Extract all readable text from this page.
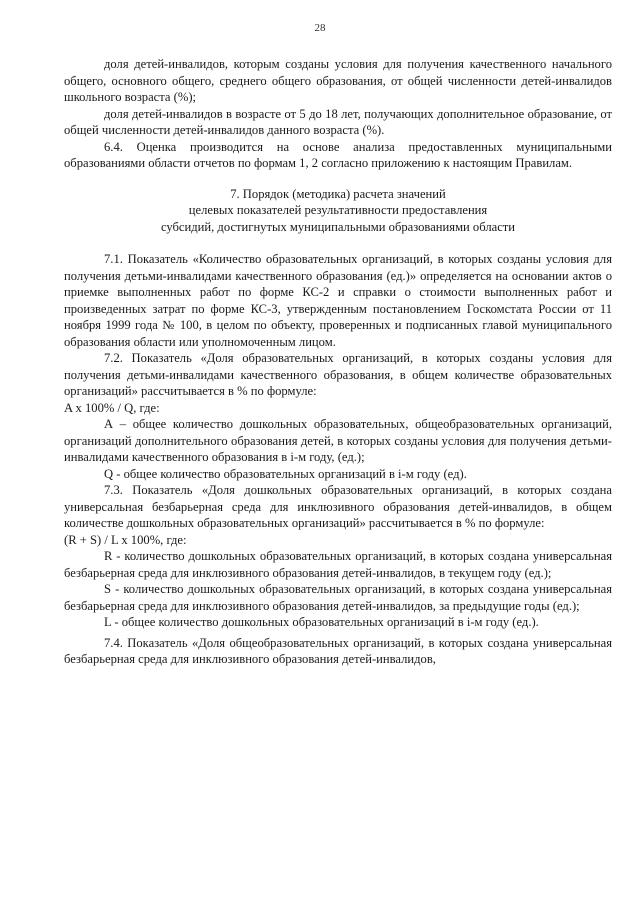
28

доля детей-инвалидов, которым созданы условия для получения качественного начального общего, основного общего, среднего общего образования, от общей численности детей-инвалидов школьного возраста (%);

доля детей-инвалидов в возрасте от 5 до 18 лет, получающих дополнительное образование, от общей численности детей-инвалидов данного возраста (%).

6.4. Оценка производится на основе анализа предоставленных муниципальными образованиями области отчетов по формам 1, 2 согласно приложению к настоящим Правилам.

7. Порядок (методика) расчета значений
целевых показателей результативности предоставления
субсидий, достигнутых муниципальными образованиями области

7.1. Показатель «Количество образовательных организаций, в которых созданы условия для получения детьми-инвалидами качественного образования (ед.)» определяется на основании актов о приемке выполненных работ по форме КС-2 и справки о стоимости выполненных работ и произведенных затрат по форме КС-3, утвержденным постановлением Госкомстата России от 11 ноября 1999 года № 100, в целом по объекту, проверенных и подписанных главой муниципального образования области или уполномоченным лицом.

7.2. Показатель «Доля образовательных организаций, в которых созданы условия для получения детьми-инвалидами качественного образования, в общем количестве образовательных организаций» рассчитывается в % по формуле:

A x 100% / Q, где:

А – общее количество дошкольных образовательных, общеобразовательных организаций, организаций дополнительного образования детей, в которых созданы условия для получения детьми-инвалидами качественного образования в i-м году, (ед.);

Q - общее количество образовательных организаций в i-м году (ед).

7.3. Показатель «Доля дошкольных образовательных организаций, в которых создана универсальная безбарьерная среда для инклюзивного образования детей-инвалидов, в общем количестве дошкольных образовательных организаций» рассчитывается в % по формуле:

(R + S) / L x 100%, где:

R - количество дошкольных образовательных организаций, в которых создана универсальная безбарьерная среда для инклюзивного образования детей-инвалидов, в текущем году (ед.);

S - количество дошкольных образовательных организаций, в которых создана универсальная безбарьерная среда для инклюзивного образования детей-инвалидов, за предыдущие годы (ед.);

L - общее количество дошкольных образовательных организаций в i-м году (ед.).

7.4. Показатель «Доля общеобразовательных организаций, в которых создана универсальная безбарьерная среда для инклюзивного образования детей-инвалидов,
